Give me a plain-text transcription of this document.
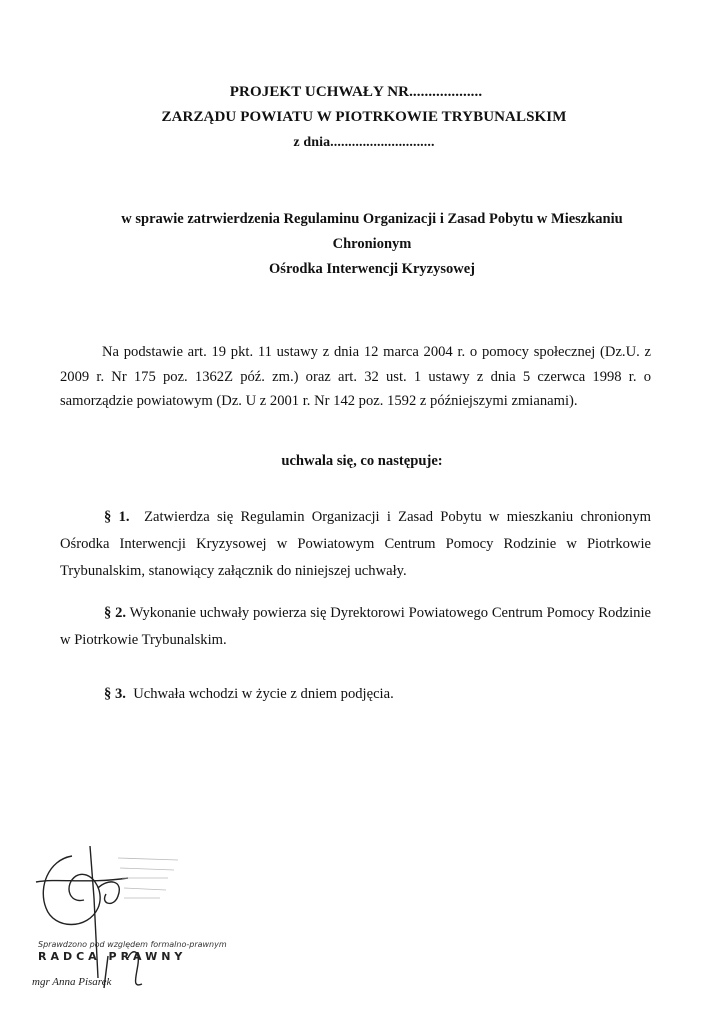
PROJEKT UCHWAŁY NR...................
ZARZĄDU POWIATU W PIOTRKOWIE TRYBUNALSKIM
z dnia.............................
w sprawie zatrwierdzenia Regulaminu Organizacji i Zasad Pobytu w Mieszkaniu
Chronionym
Ośrodka Interwencji Kryzysowej
Na podstawie art. 19 pkt. 11 ustawy z dnia 12 marca 2004 r. o pomocy społecznej (Dz.U. z 2009 r. Nr 175 poz. 1362Z póź. zm.) oraz art. 32 ust. 1 ustawy z dnia 5 czerwca 1998 r. o samorządzie powiatowym (Dz. U z 2001 r. Nr 142 poz. 1592 z późniejszymi zmianami).
uchwala się, co następuje:
§ 1. Zatwierdza się Regulamin Organizacji i Zasad Pobytu w mieszkaniu chronionym Ośrodka Interwencji Kryzysowej w Powiatowym Centrum Pomocy Rodzinie w Piotrkowie Trybunalskim, stanowiący załącznik do niniejszej uchwały.
§ 2. Wykonanie uchwały powierza się Dyrektorowi Powiatowego Centrum Pomocy Rodzinie w Piotrkowie Trybunalskim.
§ 3. Uchwała wchodzi w życie z dniem podjęcia.
Sprawdzono pod względem formalno-prawnym
RADCA PRAWNY
mgr Anna Pisarek
